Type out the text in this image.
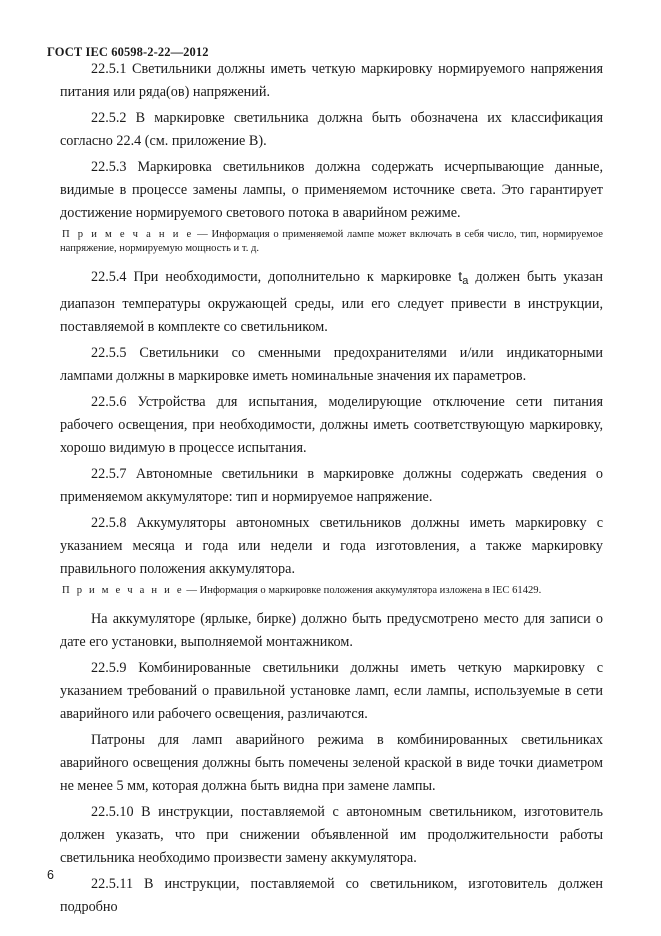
ГОСТ IEC 60598-2-22—2012

22.5.1 Светильники должны иметь четкую маркировку нормируемого напряжения питания или ряда(ов) напряжений.

22.5.2 В маркировке светильника должна быть обозначена их классификация согласно 22.4 (см. приложение В).

22.5.3 Маркировка светильников должна содержать исчерпывающие данные, видимые в процессе замены лампы, о применяемом источнике света. Это гарантирует достижение нормируемого светового потока в аварийном режиме.

П р и м е ч а н и е — Информация о применяемой лампе может включать в себя число, тип, нормируемое напряжение, нормируемую мощность и т. д.

22.5.4 При необходимости, дополнительно к маркировке $t_a$ должен быть указан диапазон температуры окружающей среды, или его следует привести в инструкции, поставляемой в комплекте со светильником.

22.5.5 Светильники со сменными предохранителями и/или индикаторными лампами должны в маркировке иметь номинальные значения их параметров.

22.5.6 Устройства для испытания, моделирующие отключение сети питания рабочего освещения, при необходимости, должны иметь соответствующую маркировку, хорошо видимую в процессе испытания.

22.5.7 Автономные светильники в маркировке должны содержать сведения о применяемом аккумуляторе: тип и нормируемое напряжение.

22.5.8 Аккумуляторы автономных светильников должны иметь маркировку с указанием месяца и года или недели и года изготовления, а также маркировку правильного положения аккумулятора.

П р и м е ч а н и е — Информация о маркировке положения аккумулятора изложена в IEC 61429.

На аккумуляторе (ярлыке, бирке) должно быть предусмотрено место для записи о дате его установки, выполняемой монтажником.

22.5.9 Комбинированные светильники должны иметь четкую маркировку с указанием требований о правильной установке ламп, если лампы, используемые в сети аварийного или рабочего освещения, различаются.

Патроны для ламп аварийного режима в комбинированных светильниках аварийного освещения должны быть помечены зеленой краской в виде точки диаметром не менее 5 мм, которая должна быть видна при замене лампы.

22.5.10 В инструкции, поставляемой с автономным светильником, изготовитель должен указать, что при снижении объявленной им продолжительности работы светильника необходимо произвести замену аккумулятора.

22.5.11 В инструкции, поставляемой со светильником, изготовитель должен подробно

6
